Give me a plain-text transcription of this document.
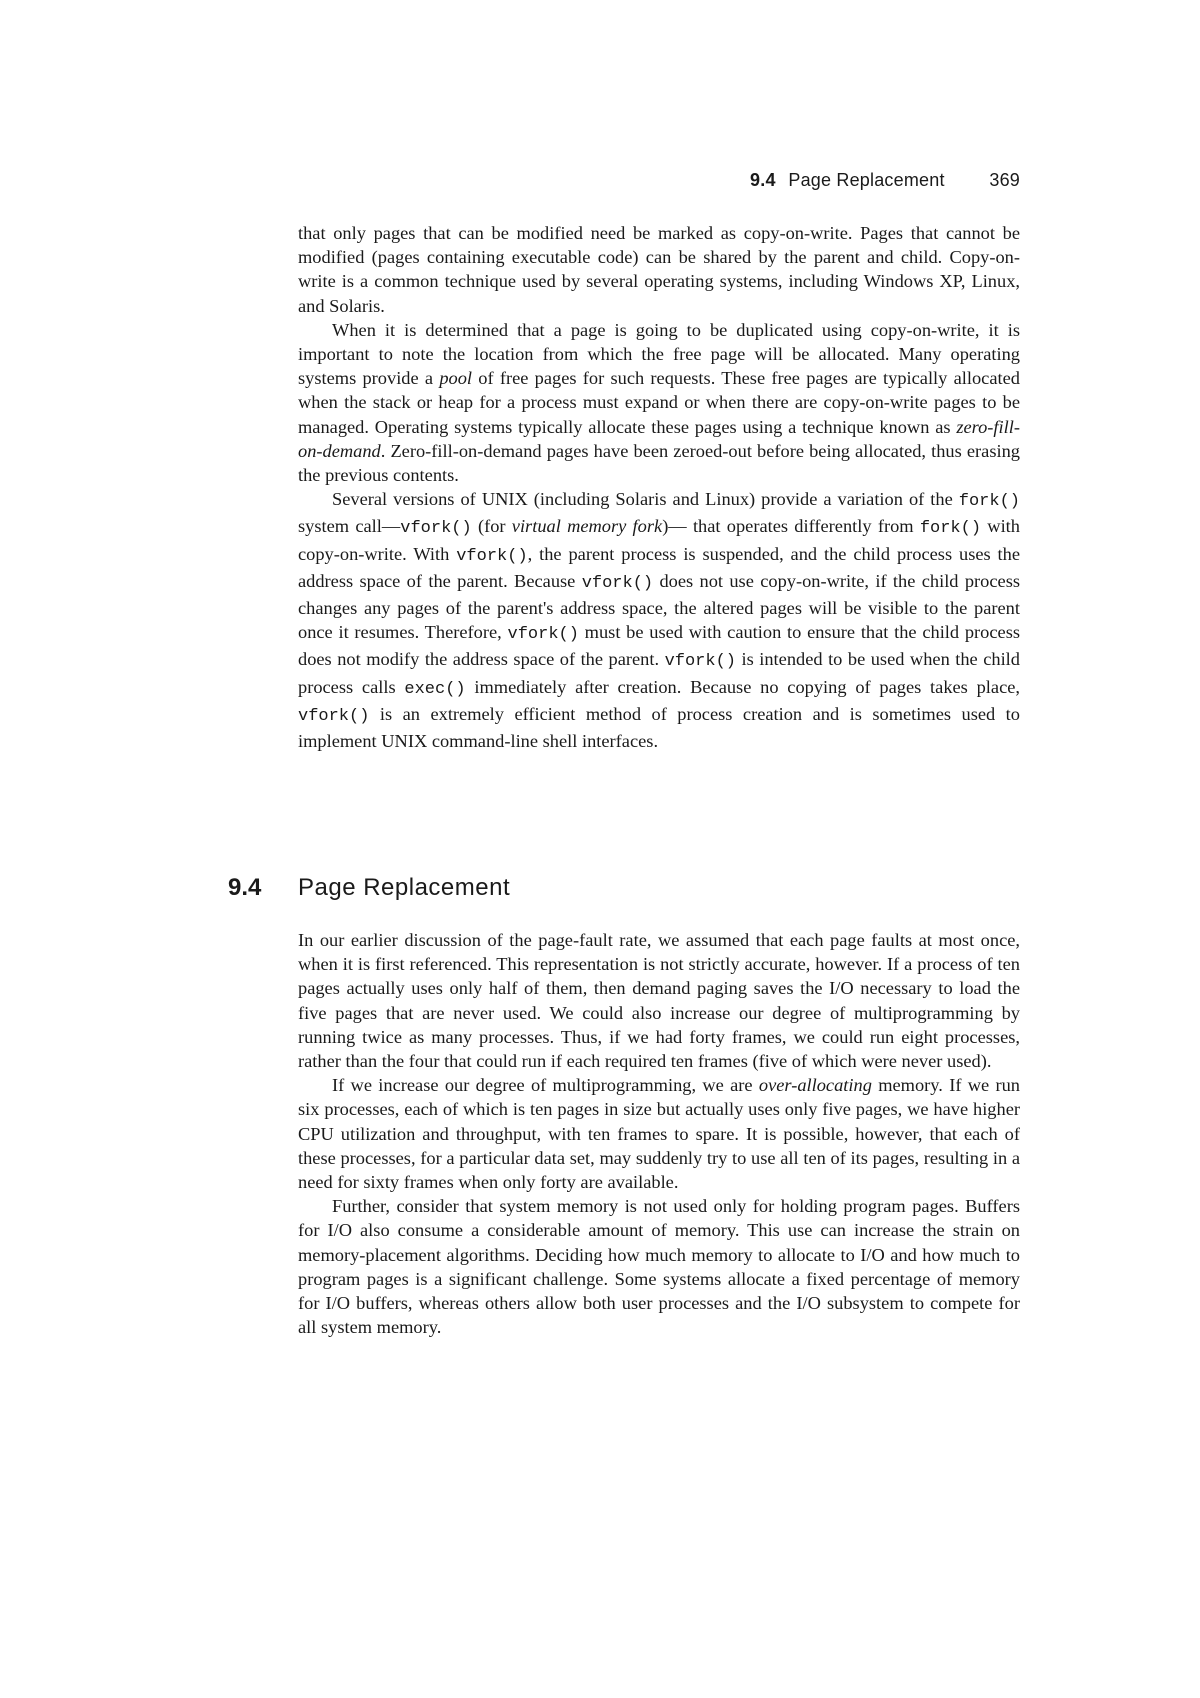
9.4 Page Replacement 369

that only pages that can be modified need be marked as copy-on-write. Pages that cannot be modified (pages containing executable code) can be shared by the parent and child. Copy-on-write is a common technique used by several operating systems, including Windows XP, Linux, and Solaris.

When it is determined that a page is going to be duplicated using copy-on-write, it is important to note the location from which the free page will be allocated. Many operating systems provide a pool of free pages for such requests. These free pages are typically allocated when the stack or heap for a process must expand or when there are copy-on-write pages to be managed. Operating systems typically allocate these pages using a technique known as zero-fill-on-demand. Zero-fill-on-demand pages have been zeroed-out before being allocated, thus erasing the previous contents.

Several versions of UNIX (including Solaris and Linux) provide a variation of the fork() system call—vfork() (for virtual memory fork)— that operates differently from fork() with copy-on-write. With vfork(), the parent process is suspended, and the child process uses the address space of the parent. Because vfork() does not use copy-on-write, if the child process changes any pages of the parent's address space, the altered pages will be visible to the parent once it resumes. Therefore, vfork() must be used with caution to ensure that the child process does not modify the address space of the parent. vfork() is intended to be used when the child process calls exec() immediately after creation. Because no copying of pages takes place, vfork() is an extremely efficient method of process creation and is sometimes used to implement UNIX command-line shell interfaces.

9.4 Page Replacement

In our earlier discussion of the page-fault rate, we assumed that each page faults at most once, when it is first referenced. This representation is not strictly accurate, however. If a process of ten pages actually uses only half of them, then demand paging saves the I/O necessary to load the five pages that are never used. We could also increase our degree of multiprogramming by running twice as many processes. Thus, if we had forty frames, we could run eight processes, rather than the four that could run if each required ten frames (five of which were never used).

If we increase our degree of multiprogramming, we are over-allocating memory. If we run six processes, each of which is ten pages in size but actually uses only five pages, we have higher CPU utilization and throughput, with ten frames to spare. It is possible, however, that each of these processes, for a particular data set, may suddenly try to use all ten of its pages, resulting in a need for sixty frames when only forty are available.

Further, consider that system memory is not used only for holding program pages. Buffers for I/O also consume a considerable amount of memory. This use can increase the strain on memory-placement algorithms. Deciding how much memory to allocate to I/O and how much to program pages is a significant challenge. Some systems allocate a fixed percentage of memory for I/O buffers, whereas others allow both user processes and the I/O subsystem to compete for all system memory.
